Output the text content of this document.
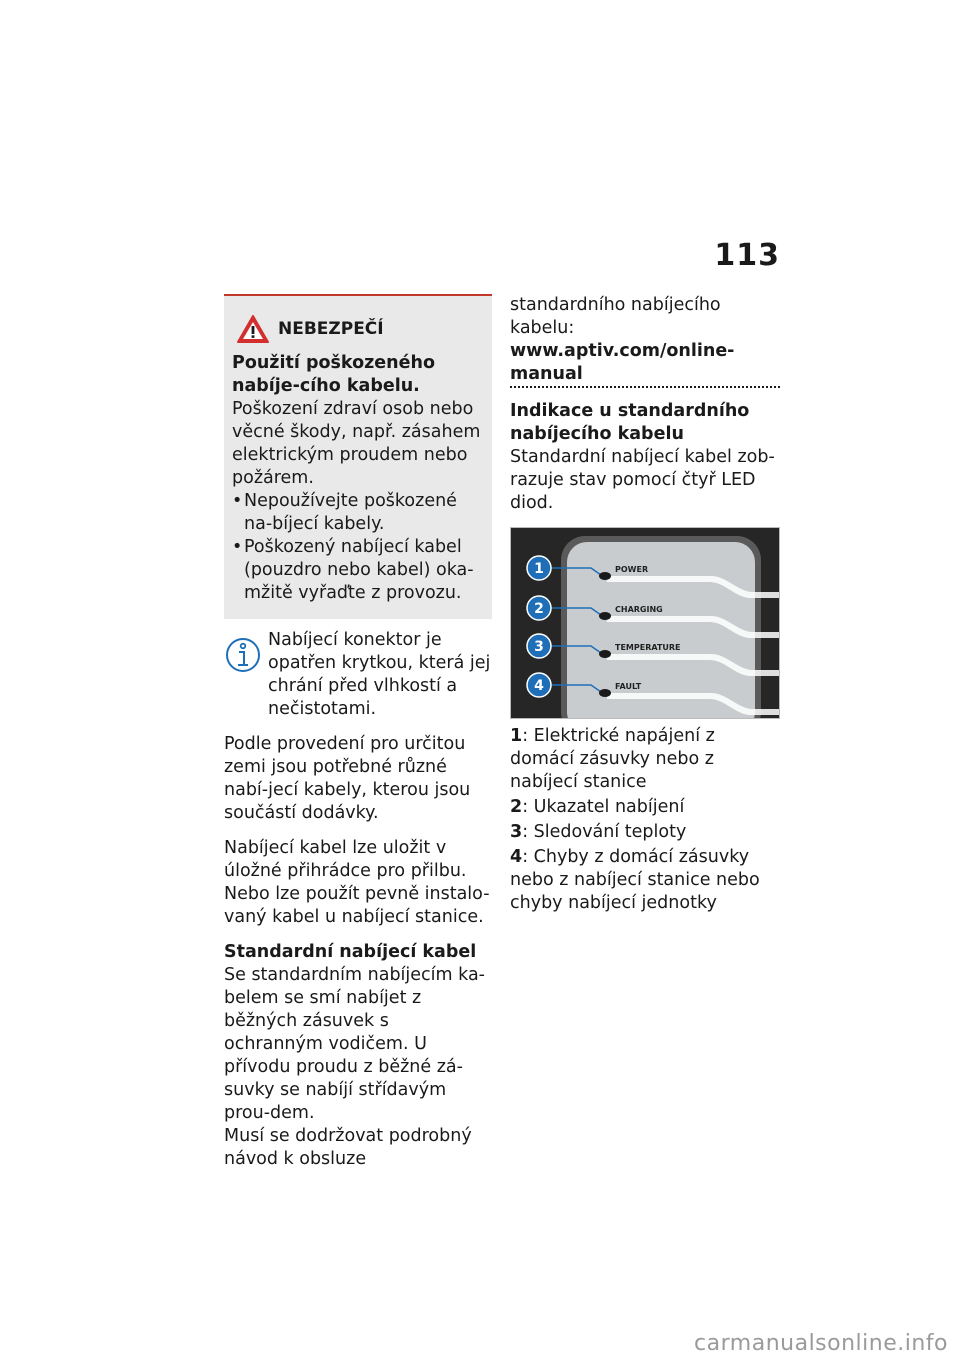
113
NEBEZPEČÍ

Použití poškozeného nabíje-cího kabelu.

Poškození zdraví osob nebo věcné škody, např. zásahem elektrickým proudem nebo požárem.

• Nepoužívejte poškozené na-bíjecí kabely.
• Poškozený nabíjecí kabel (pouzdro nebo kabel) oka-mžitě vyřaďte z provozu.

Nabíjecí konektor je opatřen krytkou, která jej chrání před vlhkostí a nečistotami.

Podle provedení pro určitou zemi jsou potřebné různé nabí-jecí kabely, kterou jsou součástí dodávky.

Nabíjecí kabel lze uložit v úložné přihrádce pro přilbu. Nebo lze použít pevně instalo-vaný kabel u nabíjecí stanice.

Standardní nabíjecí kabel

Se standardním nabíjecím ka-belem se smí nabíjet z běžných zásuvek s ochranným vodičem. U přívodu proudu z běžné zá-suvky se nabíjí střídavým prou-dem.

Musí se dodržovat podrobný návod k obsluze

standardního nabíjecího kabelu:

www.aptiv.com/online-manual

Indikace u standardního nabíjecího kabelu

Standardní nabíjecí kabel zob-razuje stav pomocí čtyř LED diod.

POWER
1
CHARGING
2
TEMPERATURE
3
FAULT
4
1: Elektrické napájení z domácí zásuvky nebo z nabíjecí stanice
2: Ukazatel nabíjení
3: Sledování teploty
4: Chyby z domácí zásuvky nebo z nabíjecí stanice nebo chyby nabíjecí jednotky
carmanualsonline.info
